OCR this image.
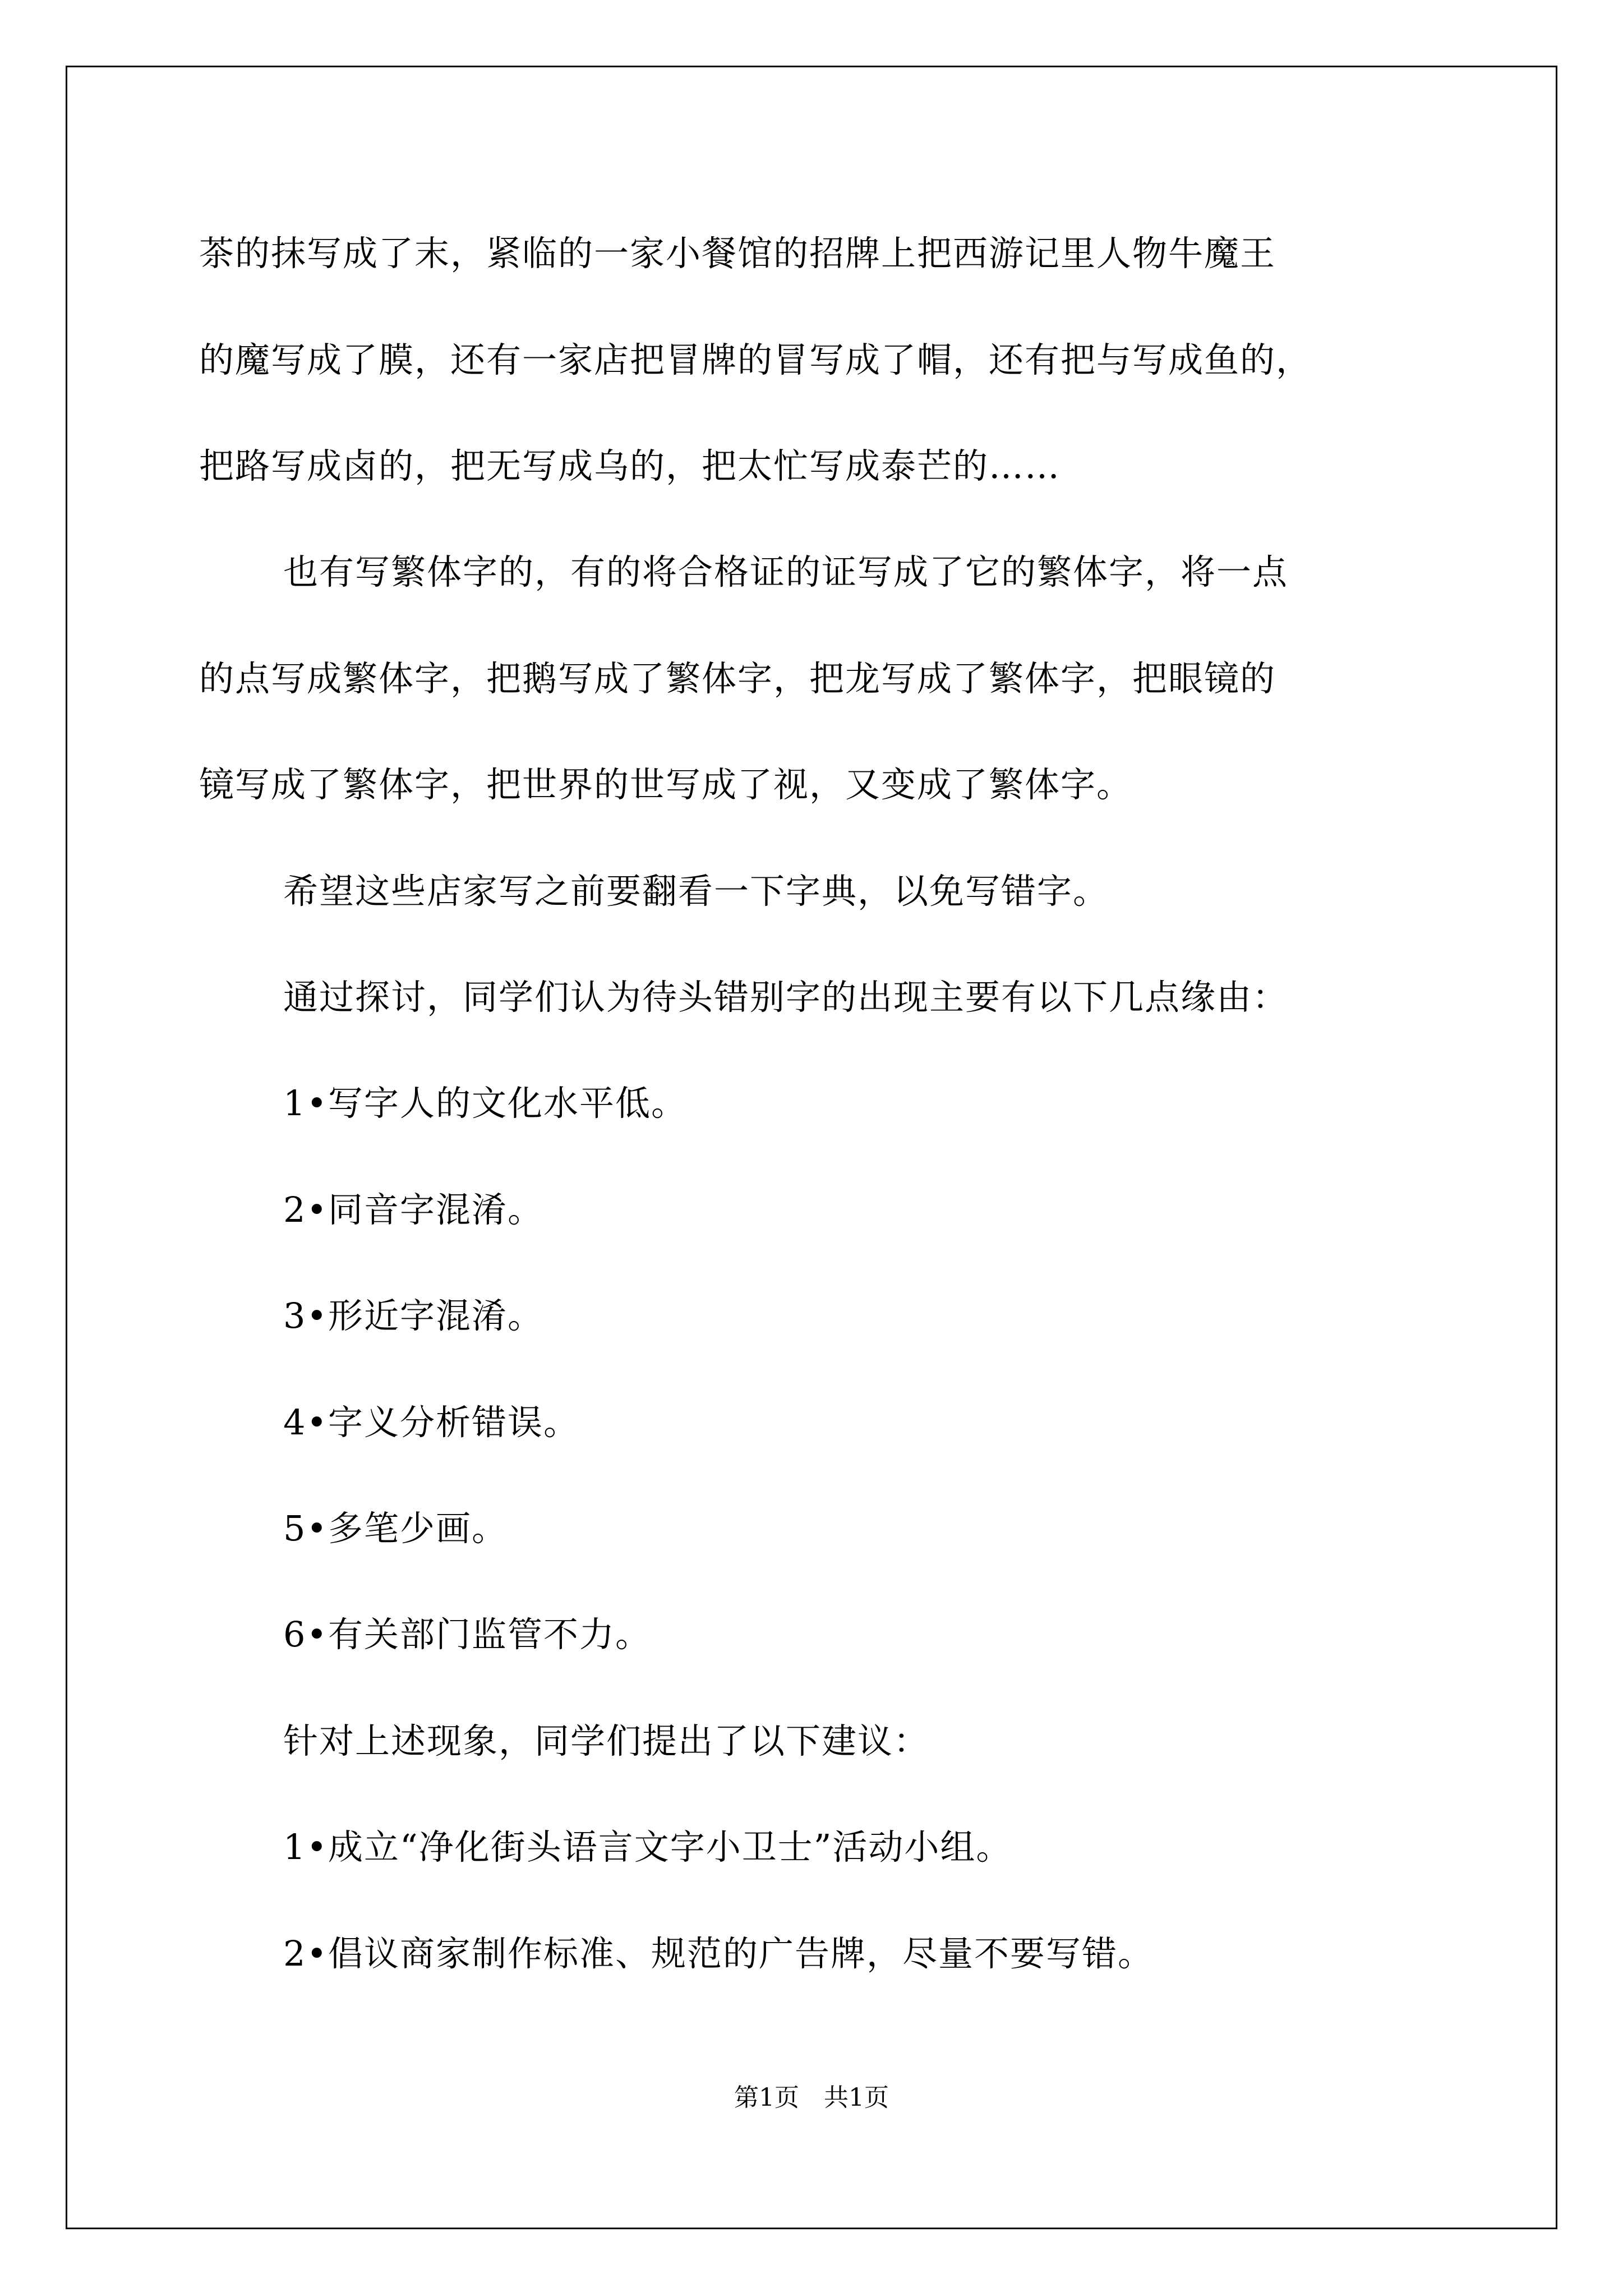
茶的抹写成了末，紧临的一家小餐馆的招牌上把西游记里人物牛魔王
的魔写成了膜，还有一家店把冒牌的冒写成了帽，还有把与写成鱼的，
把路写成卤的，把无写成乌的，把太忙写成泰芒的……
也有写繁体字的，有的将合格证的证写成了它的繁体字，将一点
的点写成繁体字，把鹅写成了繁体字，把龙写成了繁体字，把眼镜的
镜写成了繁体字，把世界的世写成了视，又变成了繁体字。
希望这些店家写之前要翻看一下字典，以免写错字。
通过探讨，同学们认为待头错别字的出现主要有以下几点缘由：
1•写字人的文化水平低。
2•同音字混淆。
3•形近字混淆。
4•字义分析错误。
5•多笔少画。
6•有关部门监管不力。
针对上述现象，同学们提出了以下建议：
1•成立“净化街头语言文字小卫士”活动小组。
2•倡议商家制作标准、规范的广告牌，尽量不要写错。
第1页　共1页
